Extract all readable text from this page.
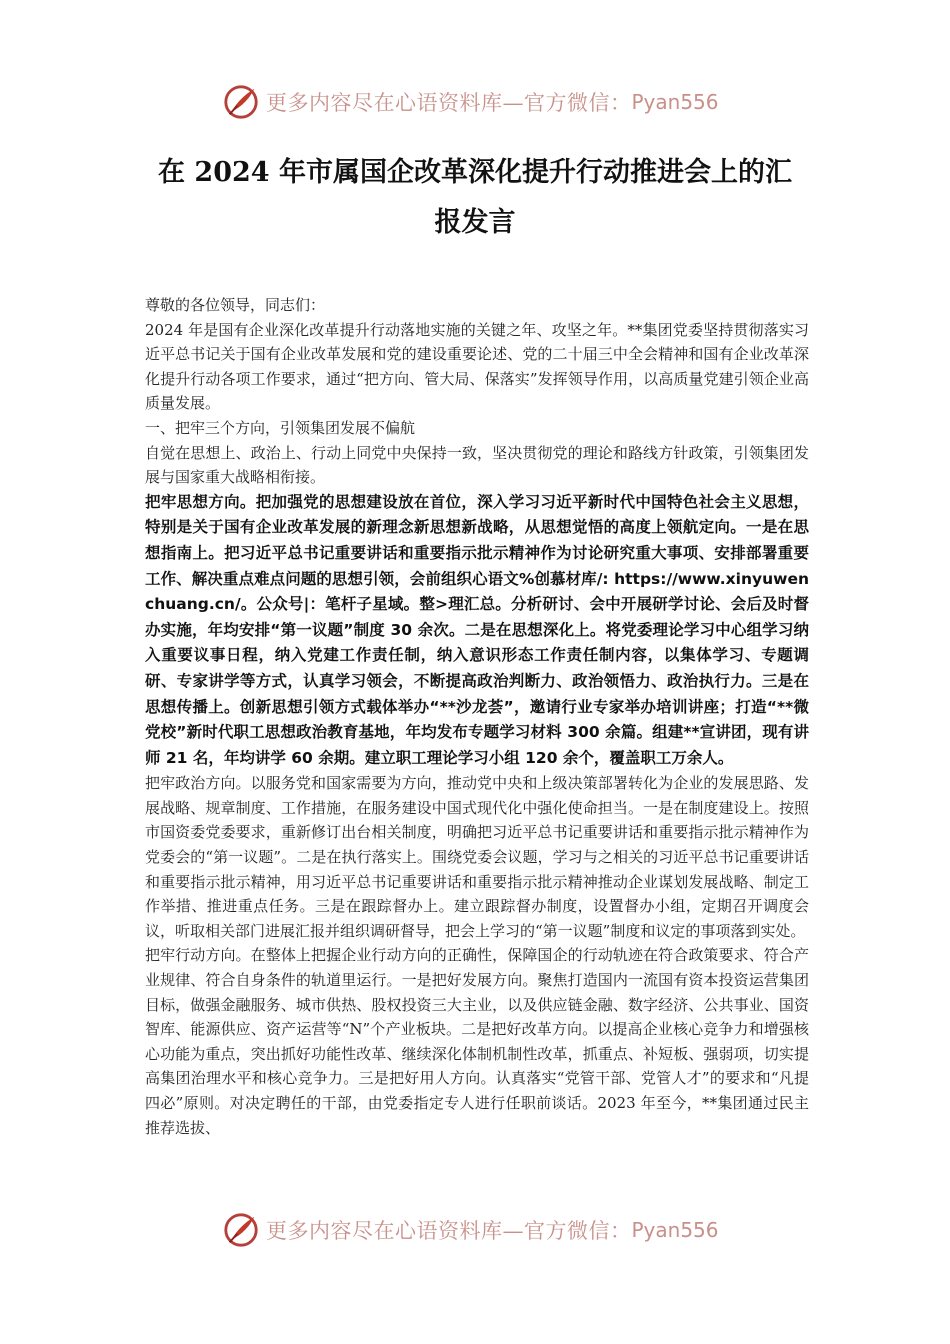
更多内容尽在心语资料库—官方微信： Pyan556
在 2024 年市属国企改革深化提升行动推进会上的汇
报发言

尊敬的各位领导，同志们：

2024 年是国有企业深化改革提升行动落地实施的关键之年、攻坚之年。**集团党委坚持贯彻落实习近平总书记关于国有企业改革发展和党的建设重要论述、党的二十届三中全会精神和国有企业改革深化提升行动各项工作要求，通过“把方向、管大局、保落实”发挥领导作用，以高质量党建引领企业高质量发展。

一、把牢三个方向，引领集团发展不偏航

自觉在思想上、政治上、行动上同党中央保持一致，坚决贯彻党的理论和路线方针政策，引领集团发展与国家重大战略相衔接。

把牢思想方向。把加强党的思想建设放在首位，深入学习习近平新时代中国特色社会主义思想，特别是关于国有企业改革发展的新理念新思想新战略，从思想觉悟的高度上领航定向。一是在思想指南上。把习近平总书记重要讲话和重要指示批示精神作为讨论研究重大事项、安排部署重要工作、解决重点难点问题的思想引领，会前组织心语文%创慕材库/: https://www.xinyuwenchuang.cn/。公众号|：笔杆子星域。整>理汇总。分析研讨、会中开展研学讨论、会后及时督办实施，年均安排“第一议题”制度 30 余次。二是在思想深化上。将党委理论学习中心组学习纳入重要议事日程，纳入党建工作责任制，纳入意识形态工作责任制内容，以集体学习、专题调研、专家讲学等方式，认真学习领会，不断提高政治判断力、政治领悟力、政治执行力。三是在思想传播上。创新思想引领方式载体举办“**沙龙荟”，邀请行业专家举办培训讲座；打造“**微党校”新时代职工思想政治教育基地，年均发布专题学习材料 300 余篇。组建**宣讲团，现有讲师 21 名，年均讲学 60 余期。建立职工理论学习小组 120 余个，覆盖职工万余人。

把牢政治方向。以服务党和国家需要为方向，推动党中央和上级决策部署转化为企业的发展思路、发展战略、规章制度、工作措施，在服务建设中国式现代化中强化使命担当。一是在制度建设上。按照市国资委党委要求，重新修订出台相关制度，明确把习近平总书记重要讲话和重要指示批示精神作为党委会的“第一议题”。二是在执行落实上。围绕党委会议题，学习与之相关的习近平总书记重要讲话和重要指示批示精神，用习近平总书记重要讲话和重要指示批示精神推动企业谋划发展战略、制定工作举措、推进重点任务。三是在跟踪督办上。建立跟踪督办制度，设置督办小组，定期召开调度会议，听取相关部门进展汇报并组织调研督导，把会上学习的“第一议题”制度和议定的事项落到实处。

把牢行动方向。在整体上把握企业行动方向的正确性，保障国企的行动轨迹在符合政策要求、符合产业规律、符合自身条件的轨道里运行。一是把好发展方向。聚焦打造国内一流国有资本投资运营集团目标，做强金融服务、城市供热、股权投资三大主业，以及供应链金融、数字经济、公共事业、国资智库、能源供应、资产运营等“N”个产业板块。二是把好改革方向。以提高企业核心竞争力和增强核心功能为重点，突出抓好功能性改革、继续深化体制机制性改革，抓重点、补短板、强弱项，切实提高集团治理水平和核心竞争力。三是把好用人方向。认真落实“党管干部、党管人才”的要求和“凡提四必”原则。对决定聘任的干部，由党委指定专人进行任职前谈话。2023 年至今，**集团通过民主推荐选拔、

更多内容尽在心语资料库—官方微信： Pyan556
